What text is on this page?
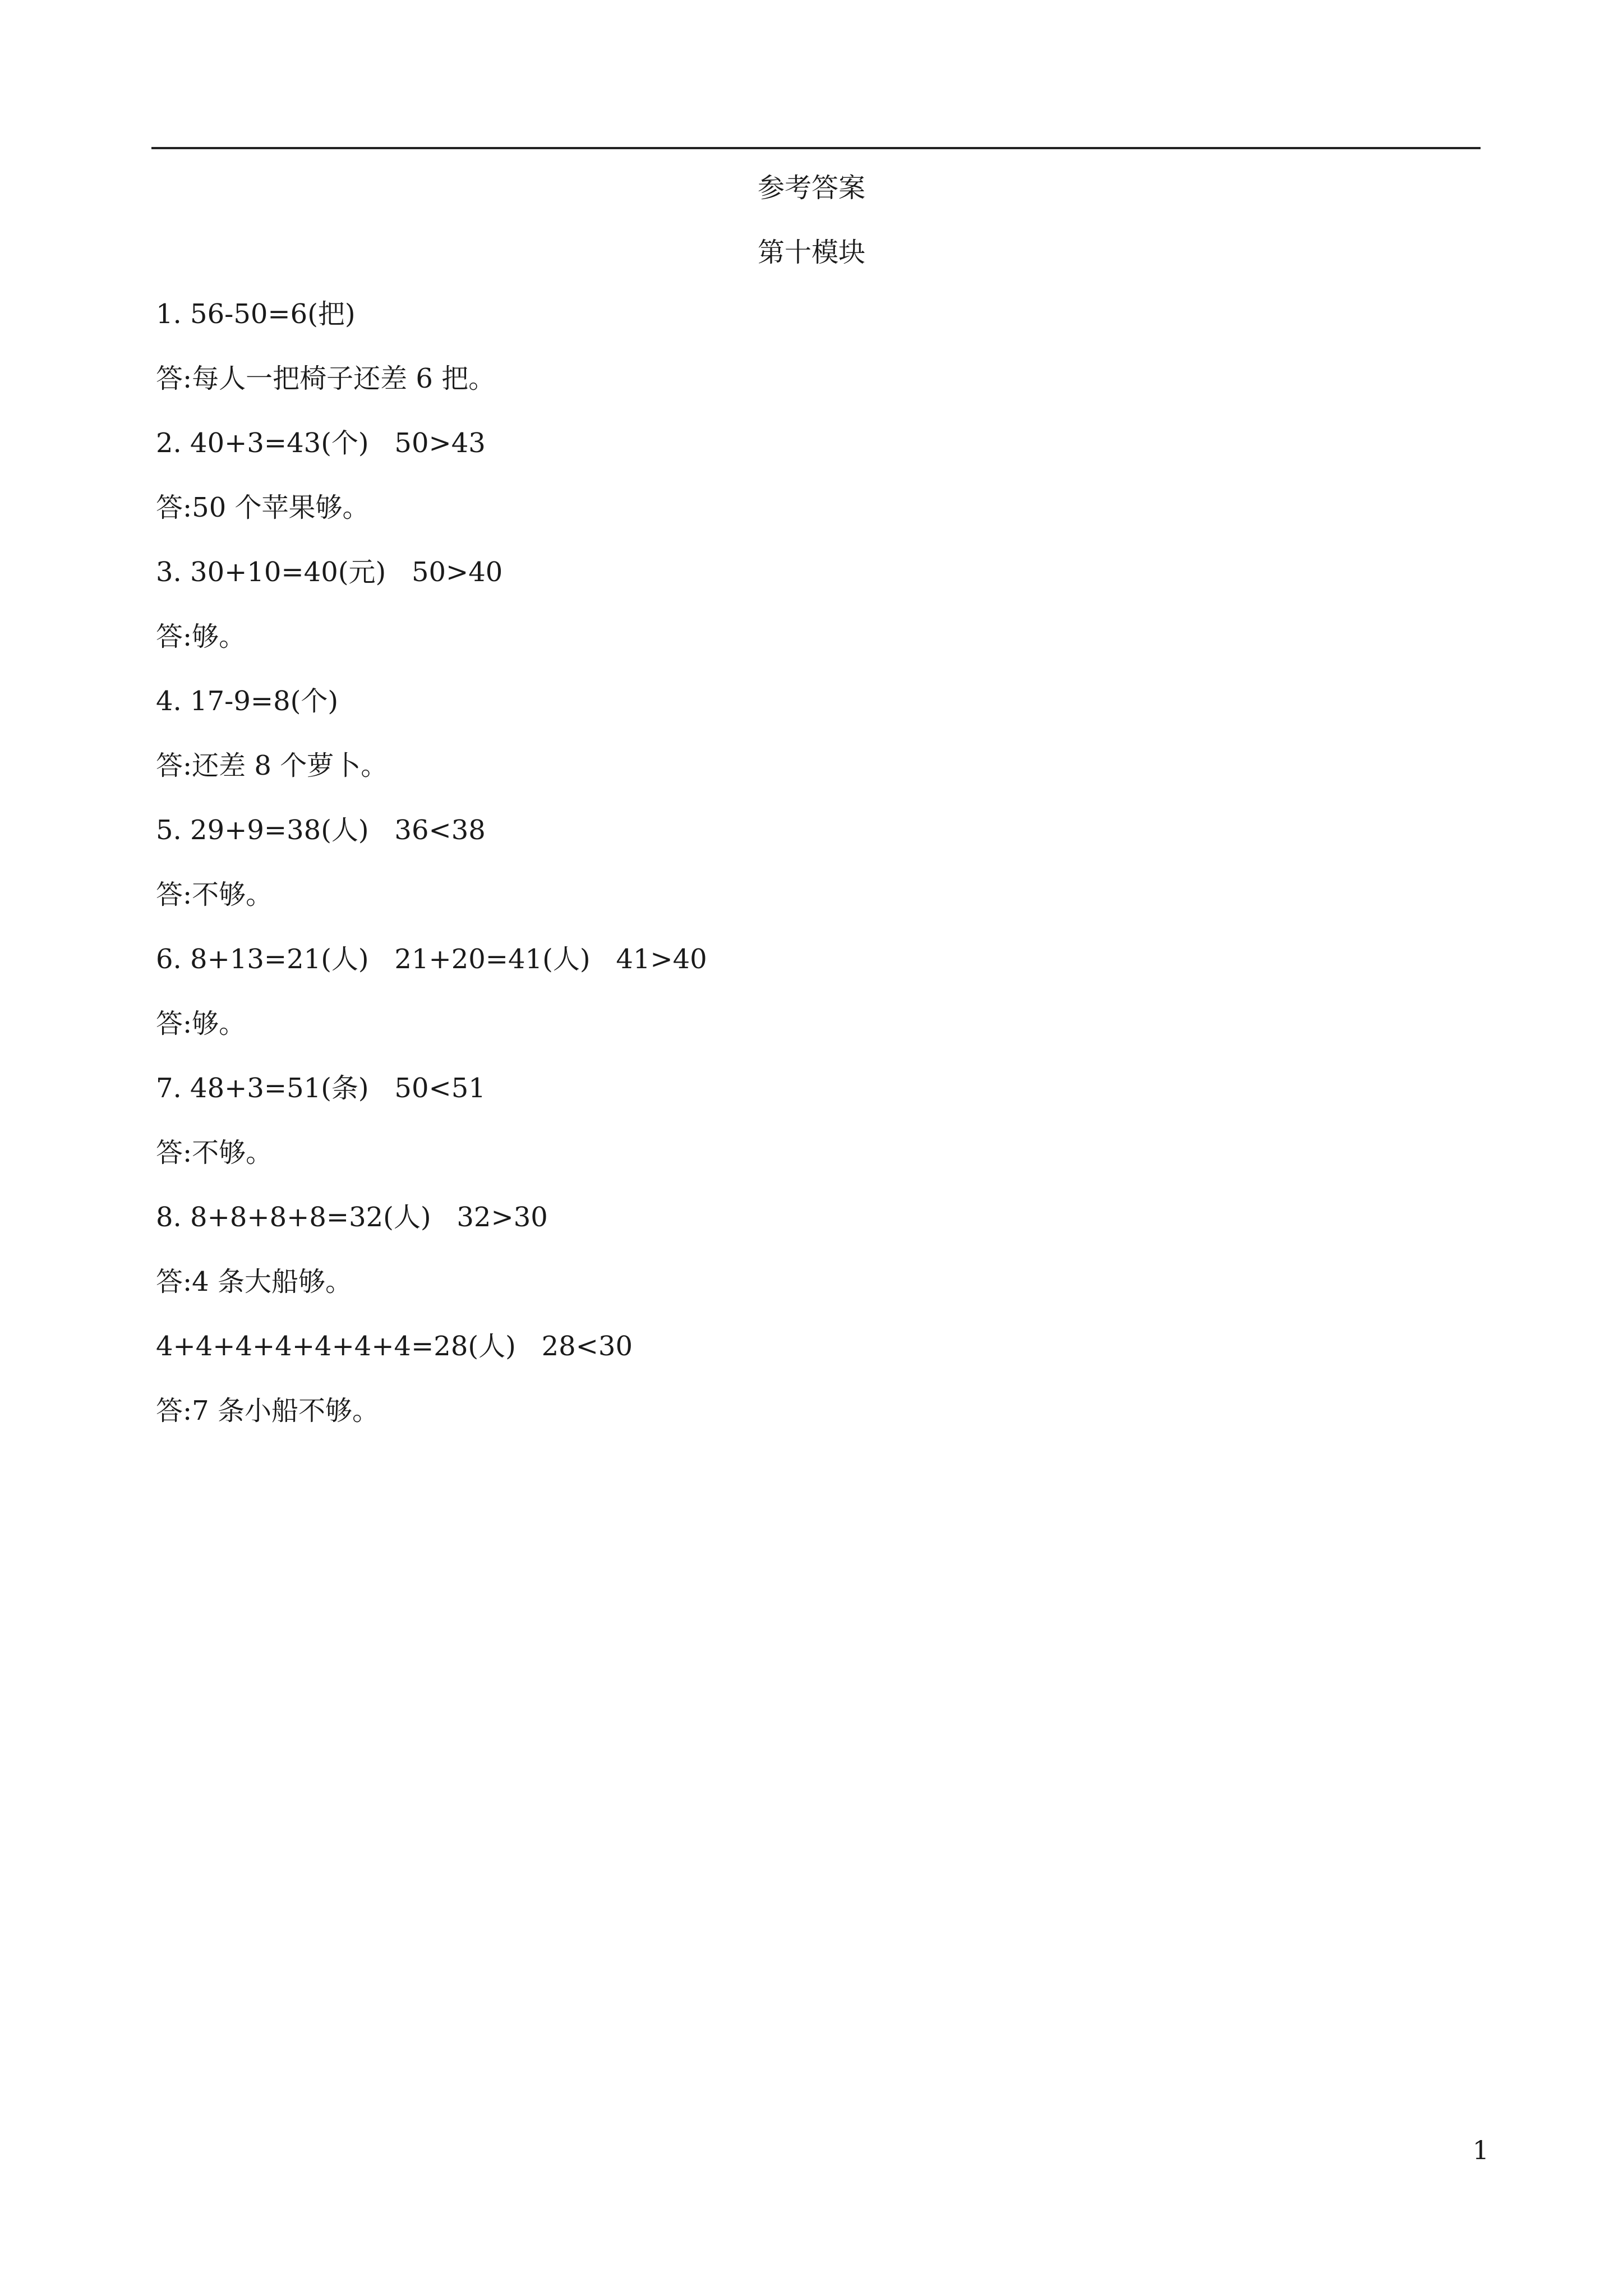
参考答案
第十模块
1. 56-50=6(把)
答:每人一把椅子还差 6 把。
2. 40+3=43(个)   50>43
答:50 个苹果够。
3. 30+10=40(元)   50>40
答:够。
4. 17-9=8(个)
答:还差 8 个萝卜。
5. 29+9=38(人)   36<38
答:不够。
6. 8+13=21(人)   21+20=41(人)   41>40
答:够。
7. 48+3=51(条)   50<51
答:不够。
8. 8+8+8+8=32(人)   32>30
答:4 条大船够。
4+4+4+4+4+4+4=28(人)   28<30
答:7 条小船不够。
1
